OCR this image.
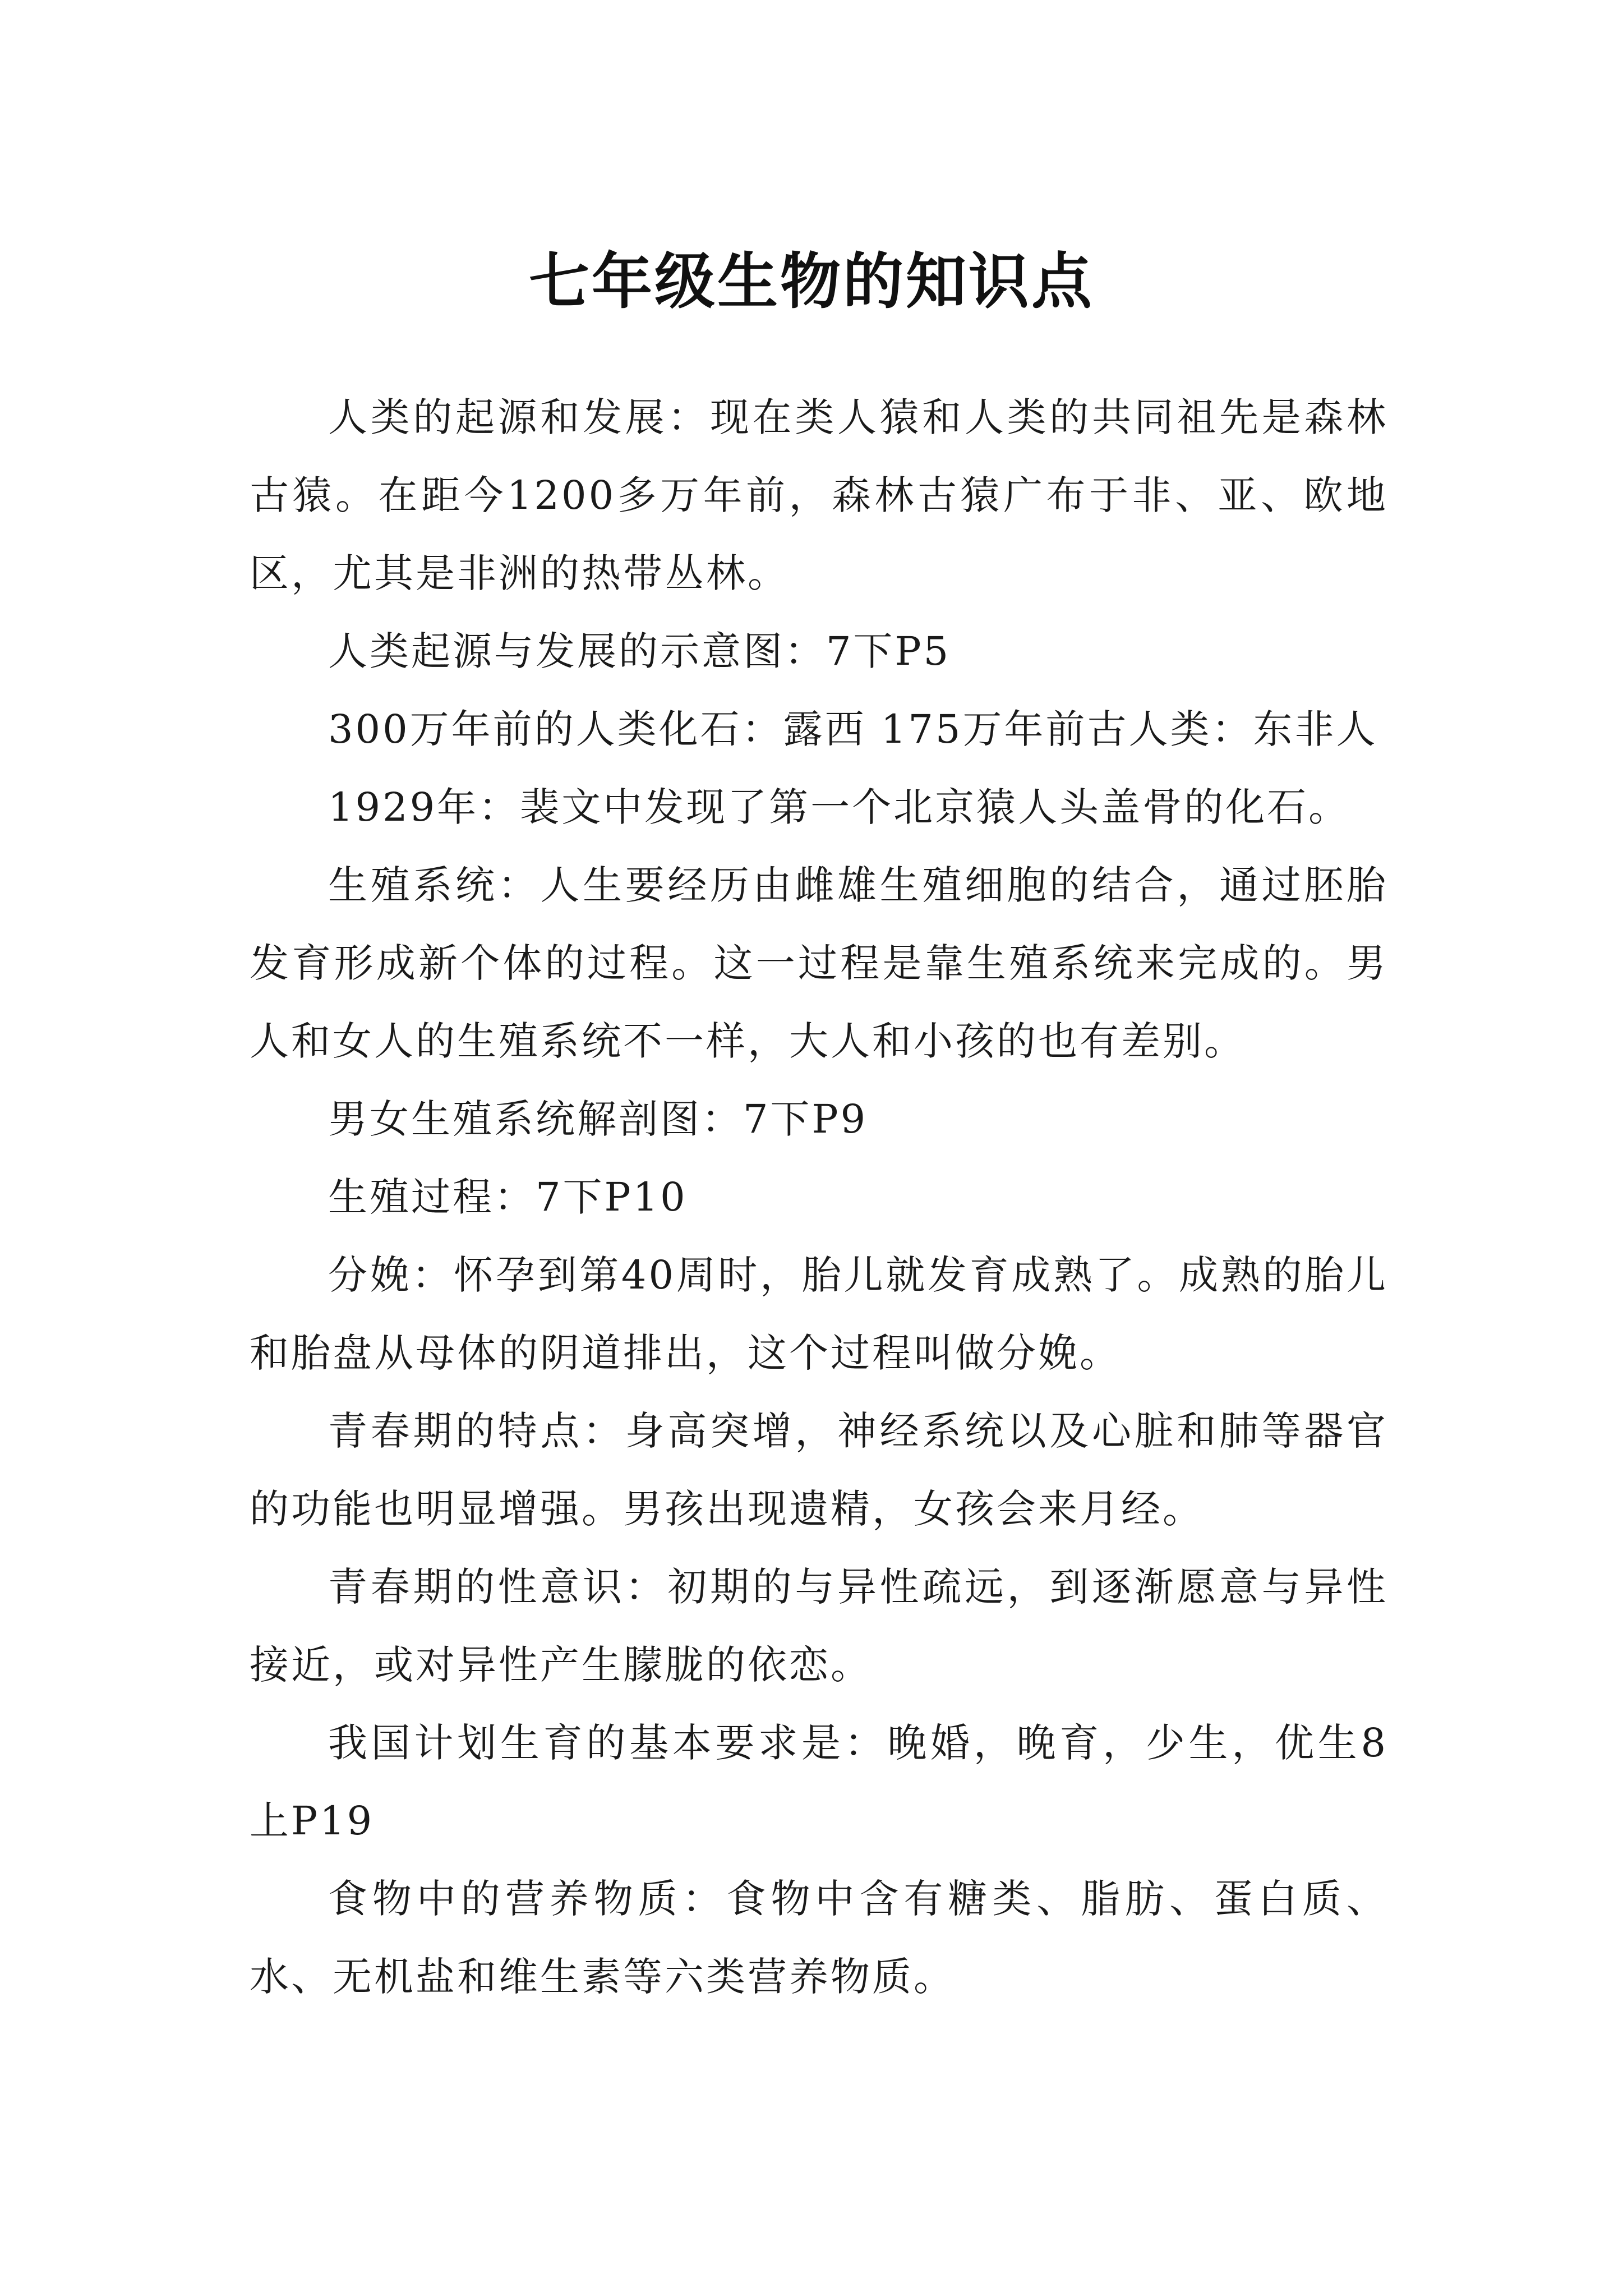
七年级生物的知识点

人类的起源和发展：现在类人猿和人类的共同祖先是森林古猿。在距今1200多万年前，森林古猿广布于非、亚、欧地区，尤其是非洲的热带丛林。

人类起源与发展的示意图：7下P5

300万年前的人类化石：露西 175万年前古人类：东非人

1929年：裴文中发现了第一个北京猿人头盖骨的化石。

生殖系统：人生要经历由雌雄生殖细胞的结合，通过胚胎发育形成新个体的过程。这一过程是靠生殖系统来完成的。男人和女人的生殖系统不一样，大人和小孩的也有差别。

男女生殖系统解剖图：7下P9

生殖过程：7下P10

分娩：怀孕到第40周时，胎儿就发育成熟了。成熟的胎儿和胎盘从母体的阴道排出，这个过程叫做分娩。

青春期的特点：身高突增，神经系统以及心脏和肺等器官的功能也明显增强。男孩出现遗精，女孩会来月经。

青春期的性意识：初期的与异性疏远，到逐渐愿意与异性接近，或对异性产生朦胧的依恋。

我国计划生育的基本要求是：晚婚，晚育，少生，优生8上P19

食物中的营养物质：食物中含有糖类、脂肪、蛋白质、水、无机盐和维生素等六类营养物质。
